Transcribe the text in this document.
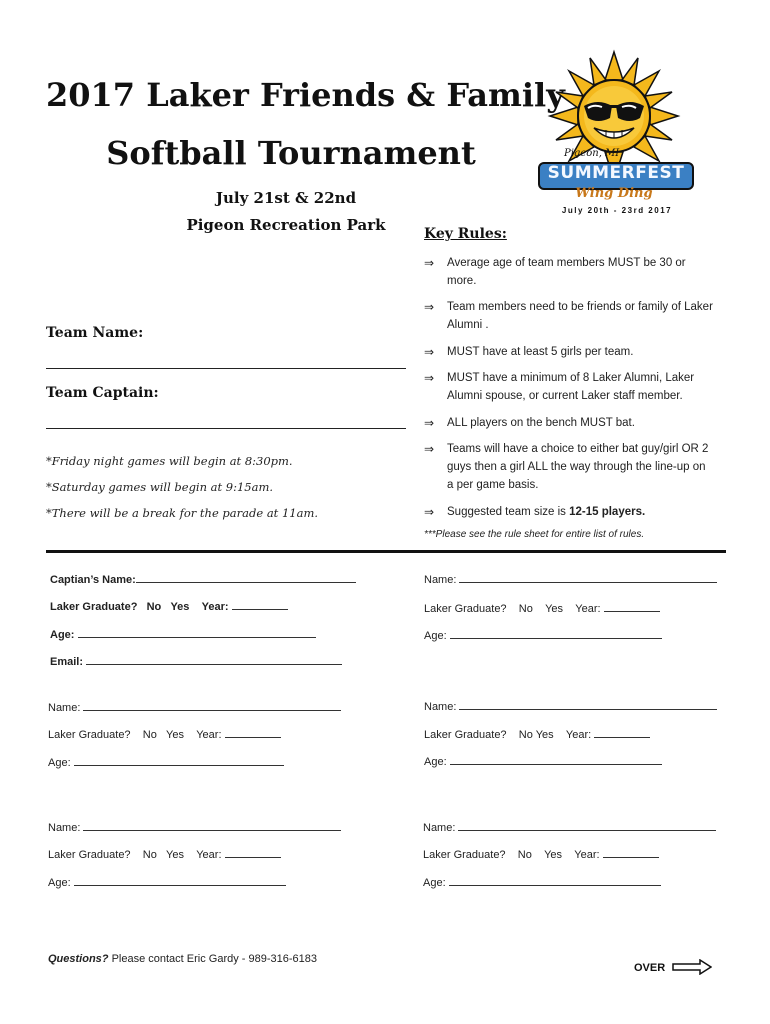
2017 Laker Friends & Family
Softball Tournament
July 21st & 22nd
Pigeon Recreation Park
Pigeon, MI
SUMMERFEST
Wing Ding
July 20th - 23rd 2017
Team Name:
Team Captain:
*Friday night games will begin at 8:30pm.
*Saturday games will begin at 9:15am.
*There will be a break for the parade at 11am.
Key Rules:
⇒ Average age of team members MUST be 30 or more.
⇒ Team members need to be friends or family of Laker Alumni .
⇒ MUST have at least 5 girls per team.
⇒ MUST have a minimum of 8 Laker Alumni, Laker Alumni spouse, or current Laker staff member.
⇒ ALL players on the bench MUST bat.
⇒ Teams will have a choice to either bat guy/girl OR 2 guys then a girl ALL the way through the line-up on a per game basis.
⇒ Suggested team size is 12-15 players.
***Please see the rule sheet for entire list of rules.
Captian’s Name:
Laker Graduate? No Yes Year:
Age:
Email:
Name:
Laker Graduate? No Yes Year:
Age:
Name:
Laker Graduate? No Yes Year:
Age:
Name:
Laker Graduate? No Yes Year:
Age:
Name:
Laker Graduate? No Yes Year:
Age:
Name:
Laker Graduate? No Yes Year:
Age:
Questions? Please contact Eric Gardy - 989-316-6183
OVER
